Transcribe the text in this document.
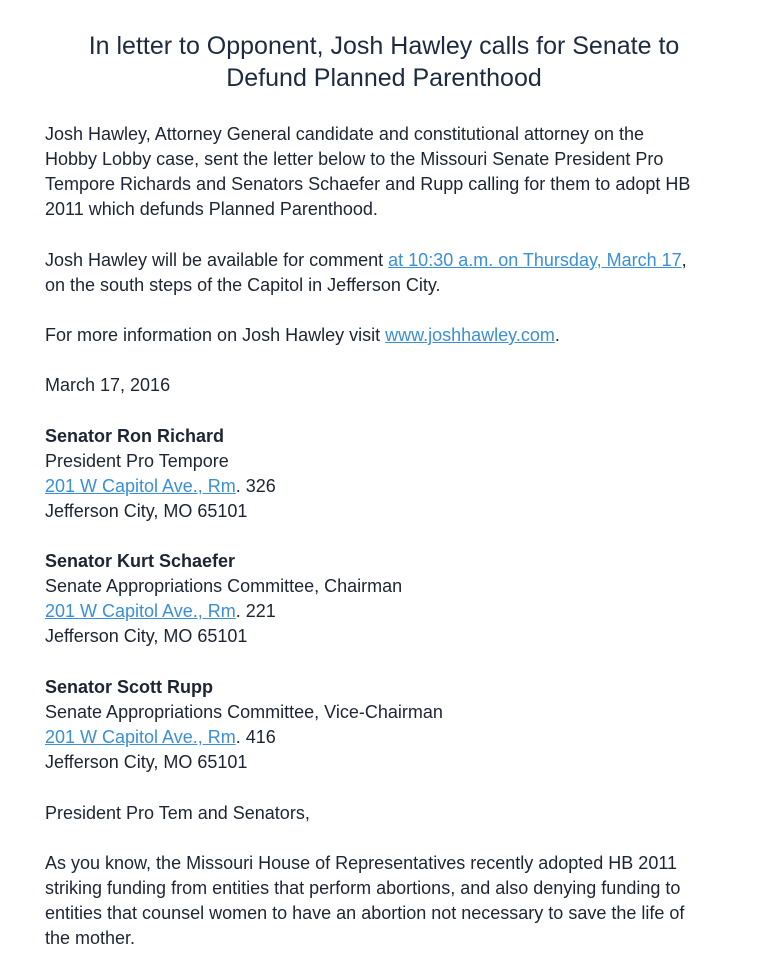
In letter to Opponent, Josh Hawley calls for Senate to
Defund Planned Parenthood

Josh Hawley, Attorney General candidate and constitutional attorney on the
Hobby Lobby case, sent the letter below to the Missouri Senate President Pro
Tempore Richards and Senators Schaefer and Rupp calling for them to adopt HB
2011 which defunds Planned Parenthood.

Josh Hawley will be available for comment at 10:30 a.m. on Thursday, March 17,
on the south steps of the Capitol in Jefferson City.

For more information on Josh Hawley visit www.joshhawley.com.

March 17, 2016

Senator Ron Richard
President Pro Tempore
201 W Capitol Ave., Rm. 326
Jefferson City, MO 65101
Senator Kurt Schaefer
Senate Appropriations Committee, Chairman
201 W Capitol Ave., Rm. 221
Jefferson City, MO 65101
Senator Scott Rupp
Senate Appropriations Committee, Vice-Chairman
201 W Capitol Ave., Rm. 416
Jefferson City, MO 65101

President Pro Tem and Senators,

As you know, the Missouri House of Representatives recently adopted HB 2011
striking funding from entities that perform abortions, and also denying funding to
entities that counsel women to have an abortion not necessary to save the life of
the mother.
